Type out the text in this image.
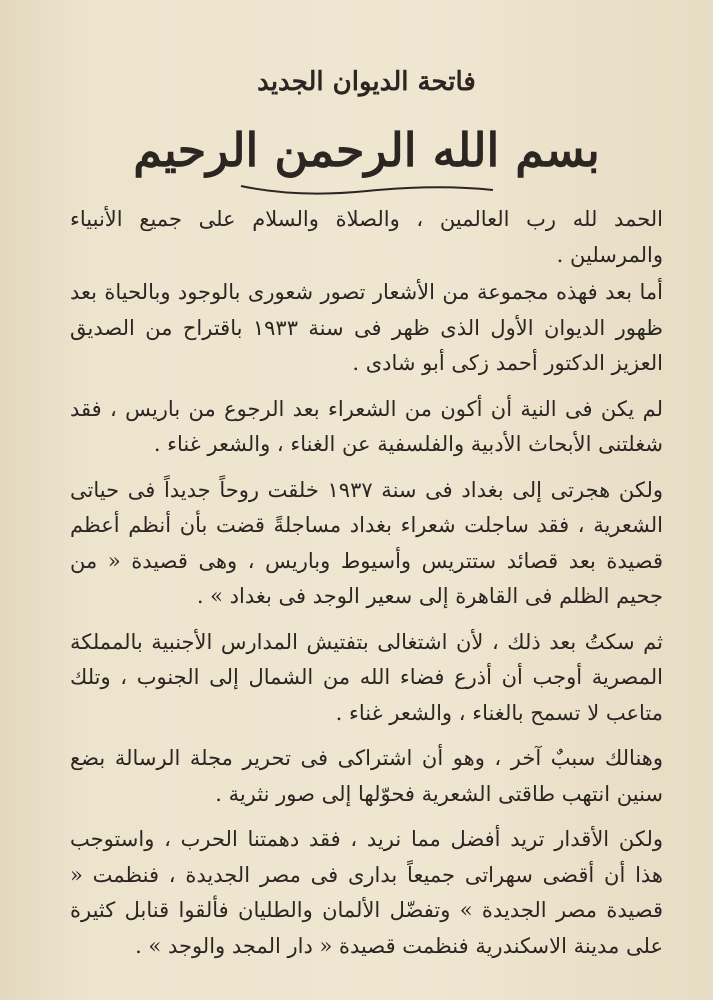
فاتحة الديوان الجديد
بسم الله الرحمن الرحيم

الحمد لله رب العالمين ، والصلاة والسلام على جميع الأنبياء والمرسلين .

أما بعد فهذه مجموعة من الأشعار تصور شعورى بالوجود وبالحياة بعد ظهور الديوان الأول الذى ظهر فى سنة ١٩٣٣ باقتراح من الصديق العزيز الدكتور أحمد زكى أبو شادى .

لم يكن فى النية أن أكون من الشعراء بعد الرجوع من باريس ، فقد شغلتنى الأبحاث الأدبية والفلسفية عن الغناء ، والشعر غناء .

ولكن هجرتى إلى بغداد فى سنة ١٩٣٧ خلقت روحاً جديداً فى حياتى الشعرية ، فقد ساجلت شعراء بغداد مساجلةً قضت بأن أنظم أعظم قصيدة بعد قصائد ستتريس وأسيوط وباريس ، وهى قصيدة « من جحيم الظلم فى القاهرة إلى سعير الوجد فى بغداد » .

ثم سكتُ بعد ذلك ، لأن اشتغالى بتفتيش المدارس الأجنبية بالمملكة المصرية أوجب أن أذرع فضاء الله من الشمال إلى الجنوب ، وتلك متاعب لا تسمح بالغناء ، والشعر غناء .

وهنالك سببٌ آخر ، وهو أن اشتراكى فى تحرير مجلة الرسالة بضع سنين انتهب طاقتى الشعرية فحوّلها إلى صور نثرية .

ولكن الأقدار تريد أفضل مما نريد ، فقد دهمتنا الحرب ، واستوجب هذا أن أقضى سهراتى جميعاً بدارى فى مصر الجديدة ، فنظمت « قصيدة مصر الجديدة » وتفضّل الألمان والطليان فألقوا قنابل كثيرة على مدينة الاسكندرية فنظمت قصيدة « دار المجد والوجد » .
